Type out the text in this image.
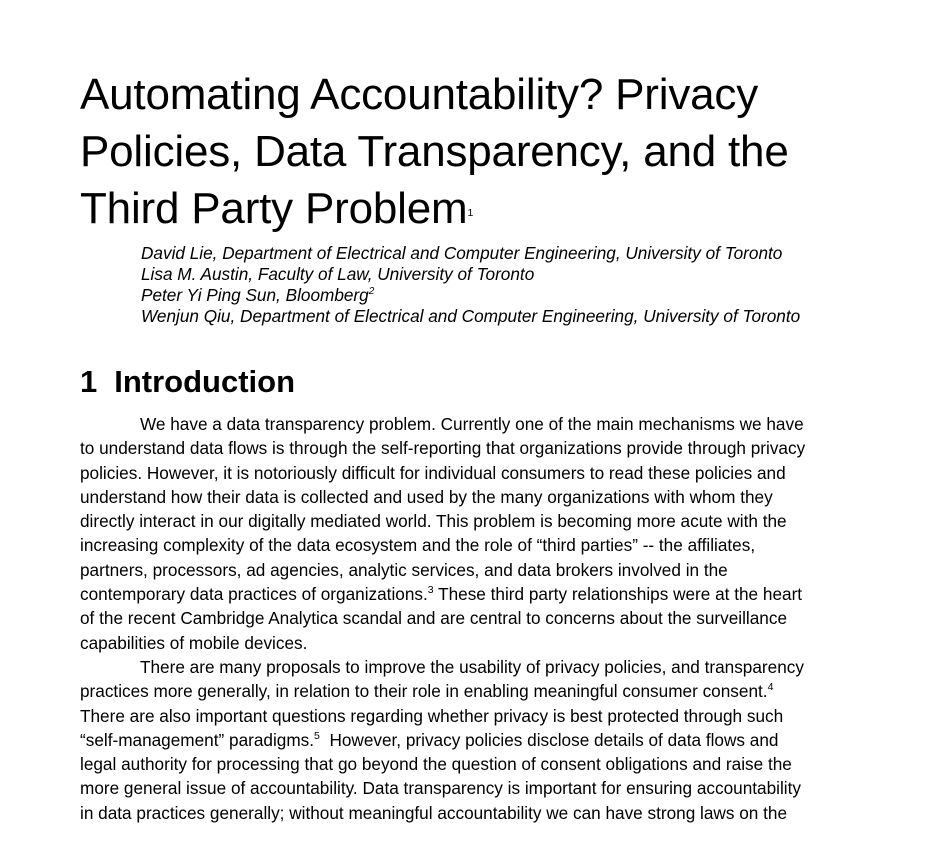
Automating Accountability? Privacy
Policies, Data Transparency, and the
Third Party Problem$^1$
David Lie, Department of Electrical and Computer Engineering, University of Toronto
Lisa M. Austin, Faculty of Law, University of Toronto
Peter Yi Ping Sun, Bloomberg$^2$
Wenjun Qiu, Department of Electrical and Computer Engineering, University of Toronto
1 Introduction
We have a data transparency problem. Currently one of the main mechanisms we have
to understand data flows is through the self-reporting that organizations provide through privacy
policies. However, it is notoriously difficult for individual consumers to read these policies and
understand how their data is collected and used by the many organizations with whom they
directly interact in our digitally mediated world. This problem is becoming more acute with the
increasing complexity of the data ecosystem and the role of “third parties” -- the affiliates,
partners, processors, ad agencies, analytic services, and data brokers involved in the
contemporary data practices of organizations.$^3$ These third party relationships were at the heart
of the recent Cambridge Analytica scandal and are central to concerns about the surveillance
capabilities of mobile devices.
There are many proposals to improve the usability of privacy policies, and transparency
practices more generally, in relation to their role in enabling meaningful consumer consent.$^4$
There are also important questions regarding whether privacy is best protected through such
“self-management” paradigms.$^5$  However, privacy policies disclose details of data flows and
legal authority for processing that go beyond the question of consent obligations and raise the
more general issue of accountability. Data transparency is important for ensuring accountability
in data practices generally; without meaningful accountability we can have strong laws on the
